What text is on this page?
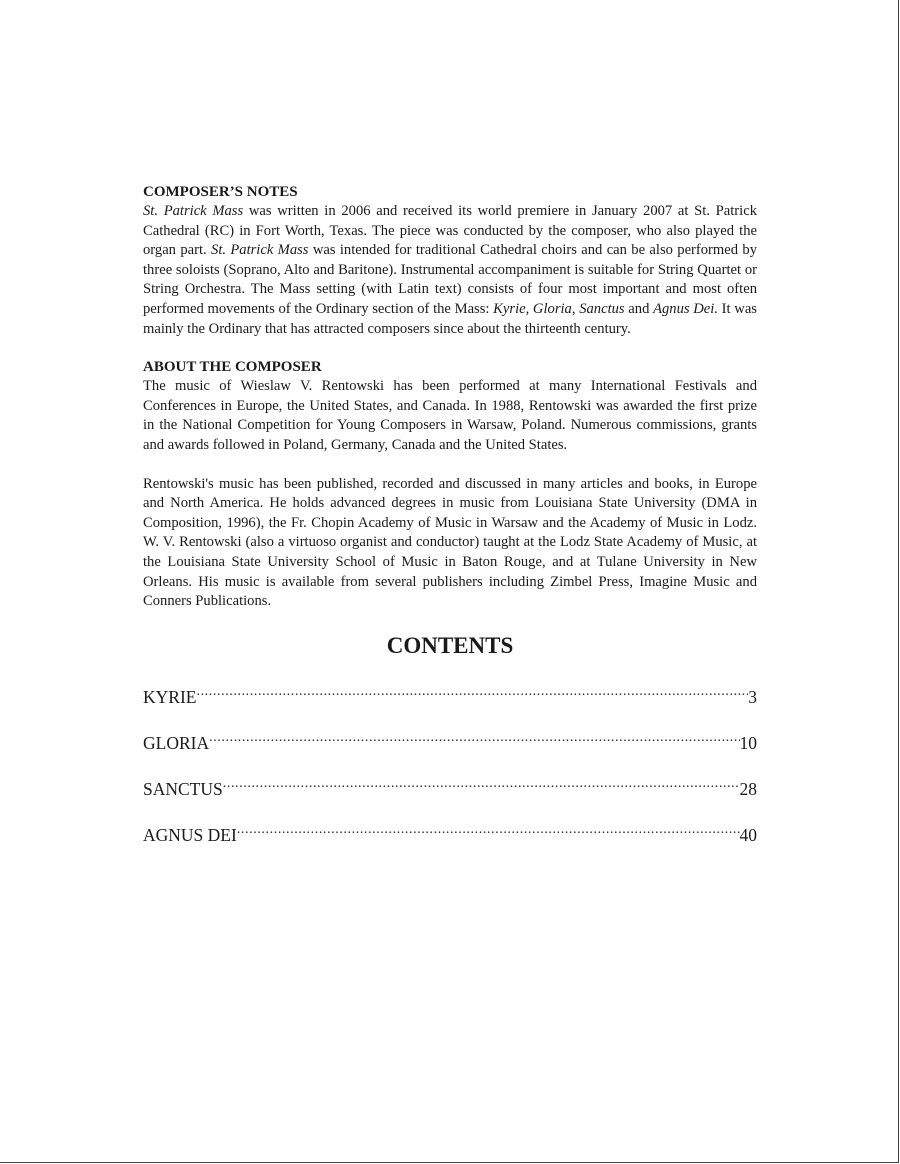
COMPOSER’S NOTES

St. Patrick Mass was written in 2006 and received its world premiere in January 2007 at St. Patrick Cathedral (RC) in Fort Worth, Texas. The piece was conducted by the composer, who also played the organ part. St. Patrick Mass was intended for traditional Cathedral choirs and can be also performed by three soloists (Soprano, Alto and Baritone). Instrumental accompaniment is suitable for String Quartet or String Orchestra. The Mass setting (with Latin text) consists of four most important and most often performed movements of the Ordinary section of the Mass: Kyrie, Gloria, Sanctus and Agnus Dei. It was mainly the Ordinary that has attracted composers since about the thirteenth century.

ABOUT THE COMPOSER

The music of Wieslaw V. Rentowski has been performed at many International Festivals and Conferences in Europe, the United States, and Canada. In 1988, Rentowski was awarded the first prize in the National Competition for Young Composers in Warsaw, Poland. Numerous commissions, grants and awards followed in Poland, Germany, Canada and the United States.

Rentowski's music has been published, recorded and discussed in many articles and books, in Europe and North America. He holds advanced degrees in music from Louisiana State University (DMA in Composition, 1996), the Fr. Chopin Academy of Music in Warsaw and the Academy of Music in Lodz. W. V. Rentowski (also a virtuoso organist and conductor) taught at the Lodz State Academy of Music, at the Louisiana State University School of Music in Baton Rouge, and at Tulane University in New Orleans. His music is available from several publishers including Zimbel Press, Imagine Music and Conners Publications.

CONTENTS
KYRIE .....	3
GLORIA .....	10
SANCTUS .....	28
AGNUS DEI .....	40
